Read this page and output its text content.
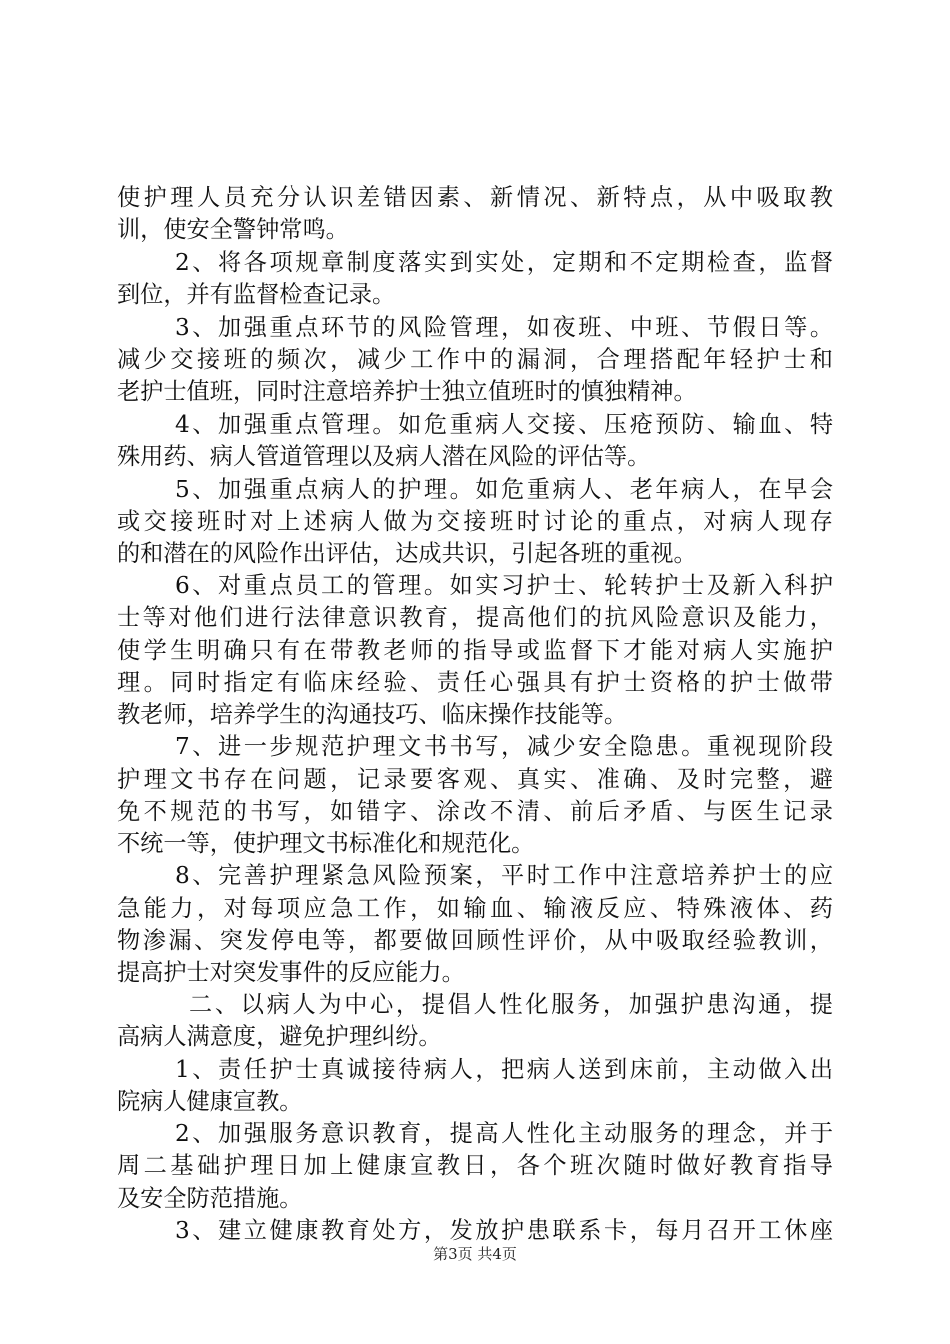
使护理人员充分认识差错因素、新情况、新特点，从中吸取教
训，使安全警钟常鸣。
2、将各项规章制度落实到实处，定期和不定期检查，监督
到位，并有监督检查记录。
3、加强重点环节的风险管理，如夜班、中班、节假日等。
减少交接班的频次，减少工作中的漏洞，合理搭配年轻护士和
老护士值班，同时注意培养护士独立值班时的慎独精神。
4、加强重点管理。如危重病人交接、压疮预防、输血、特
殊用药、病人管道管理以及病人潜在风险的评估等。
5、加强重点病人的护理。如危重病人、老年病人，在早会
或交接班时对上述病人做为交接班时讨论的重点，对病人现存
的和潜在的风险作出评估，达成共识，引起各班的重视。
6、对重点员工的管理。如实习护士、轮转护士及新入科护
士等对他们进行法律意识教育，提高他们的抗风险意识及能力，
使学生明确只有在带教老师的指导或监督下才能对病人实施护
理。同时指定有临床经验、责任心强具有护士资格的护士做带
教老师，培养学生的沟通技巧、临床操作技能等。
7、进一步规范护理文书书写，减少安全隐患。重视现阶段
护理文书存在问题，记录要客观、真实、准确、及时完整，避
免不规范的书写，如错字、涂改不清、前后矛盾、与医生记录
不统一等，使护理文书标准化和规范化。
8、完善护理紧急风险预案，平时工作中注意培养护士的应
急能力，对每项应急工作，如输血、输液反应、特殊液体、药
物渗漏、突发停电等，都要做回顾性评价，从中吸取经验教训，
提高护士对突发事件的反应能力。
二、以病人为中心，提倡人性化服务，加强护患沟通，提
高病人满意度，避免护理纠纷。
1、责任护士真诚接待病人，把病人送到床前，主动做入出
院病人健康宣教。
2、加强服务意识教育，提高人性化主动服务的理念，并于
周二基础护理日加上健康宣教日，各个班次随时做好教育指导
及安全防范措施。
3、建立健康教育处方，发放护患联系卡，每月召开工休座
第3页 共4页
